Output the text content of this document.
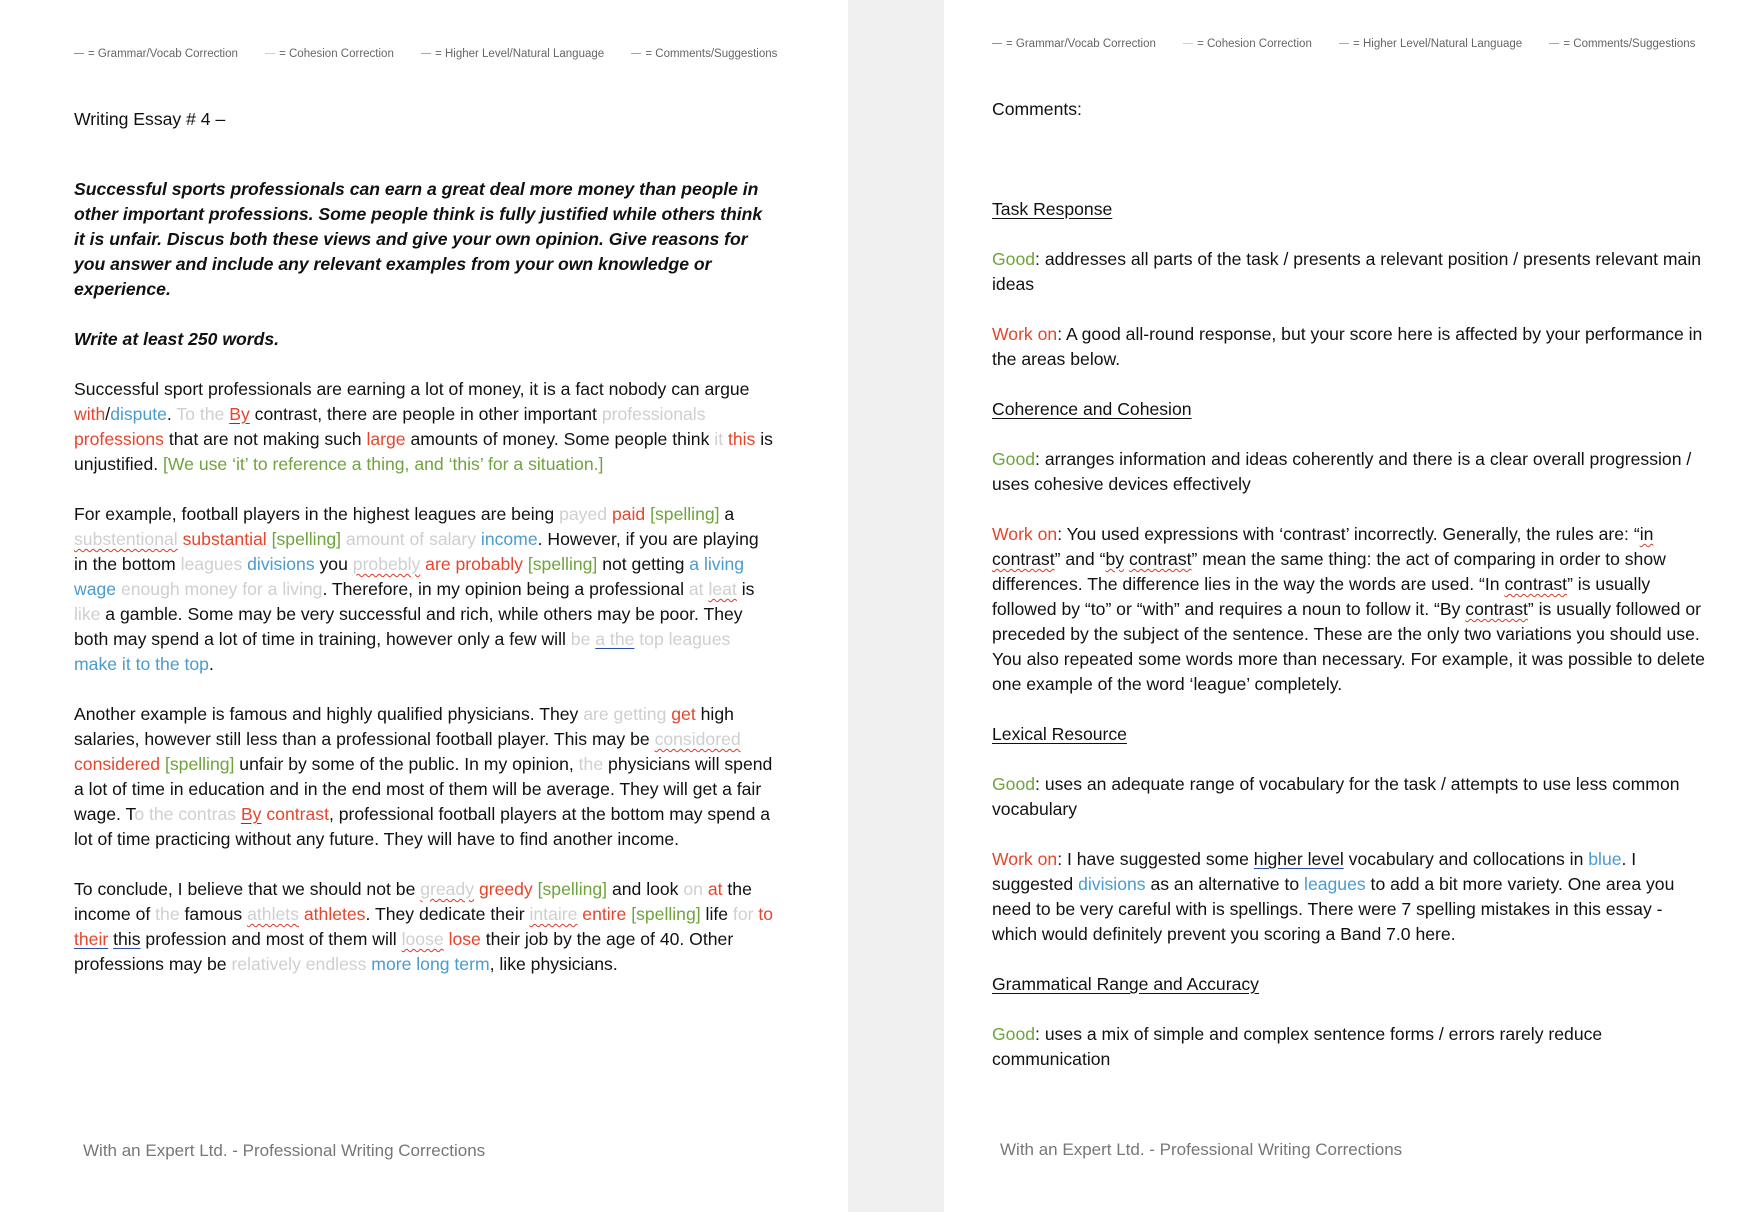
= Grammar/Vocab Correction	= Cohesion Correction	= Higher Level/Natural Language	= Comments/Suggestions

Writing Essay # 4 –

Successful sports professionals can earn a great deal more money than people in other important professions. Some people think is fully justified while others think it is unfair. Discus both these views and give your own opinion. Give reasons for you answer and include any relevant examples from your own knowledge or experience.

Write at least 250 words.

Successful sport professionals are earning a lot of money, it is a fact nobody can argue with/dispute. To the By contrast, there are people in other important professionals professions that are not making such large amounts of money. Some people think it this is unjustified. [We use ‘it’ to reference a thing, and ‘this’ for a situation.]

For example, football players in the highest leagues are being payed paid [spelling] a substentional substantial [spelling] amount of salary income. However, if you are playing in the bottom leagues divisions you probebly are probably [spelling] not getting a living wage enough money for a living. Therefore, in my opinion being a professional at leat is like a gamble. Some may be very successful and rich, while others may be poor. They both may spend a lot of time in training, however only a few will be a the top leagues make it to the top.

Another example is famous and highly qualified physicians. They are getting get high salaries, however still less than a professional football player. This may be considored considered [spelling] unfair by some of the public. In my opinion, the physicians will spend a lot of time in education and in the end most of them will be average. They will get a fair wage. To the contras By contrast, professional football players at the bottom may spend a lot of time practicing without any future. They will have to find another income.

To conclude, I believe that we should not be gready greedy [spelling] and look on at the income of the famous athlets athletes. They dedicate their intaire entire [spelling] life for to their this profession and most of them will loose lose their job by the age of 40. Other professions may be relatively endless more long term, like physicians.

With an Expert Ltd. - Professional Writing Corrections
= Grammar/Vocab Correction	= Cohesion Correction	= Higher Level/Natural Language	= Comments/Suggestions

Comments:

Task Response

Good: addresses all parts of the task / presents a relevant position / presents relevant main ideas

Work on: A good all-round response, but your score here is affected by your performance in the areas below.

Coherence and Cohesion

Good: arranges information and ideas coherently and there is a clear overall progression / uses cohesive devices effectively

Work on: You used expressions with ‘contrast’ incorrectly. Generally, the rules are: “in contrast” and “by contrast” mean the same thing: the act of comparing in order to show differences. The difference lies in the way the words are used. “In contrast” is usually followed by “to” or “with” and requires a noun to follow it. “By contrast” is usually followed or preceded by the subject of the sentence. These are the only two variations you should use. You also repeated some words more than necessary. For example, it was possible to delete one example of the word ‘league’ completely.

Lexical Resource

Good: uses an adequate range of vocabulary for the task / attempts to use less common vocabulary

Work on: I have suggested some higher level vocabulary and collocations in blue. I suggested divisions as an alternative to leagues to add a bit more variety. One area you need to be very careful with is spellings. There were 7 spelling mistakes in this essay - which would definitely prevent you scoring a Band 7.0 here.

Grammatical Range and Accuracy

Good: uses a mix of simple and complex sentence forms / errors rarely reduce communication

With an Expert Ltd. - Professional Writing Corrections
